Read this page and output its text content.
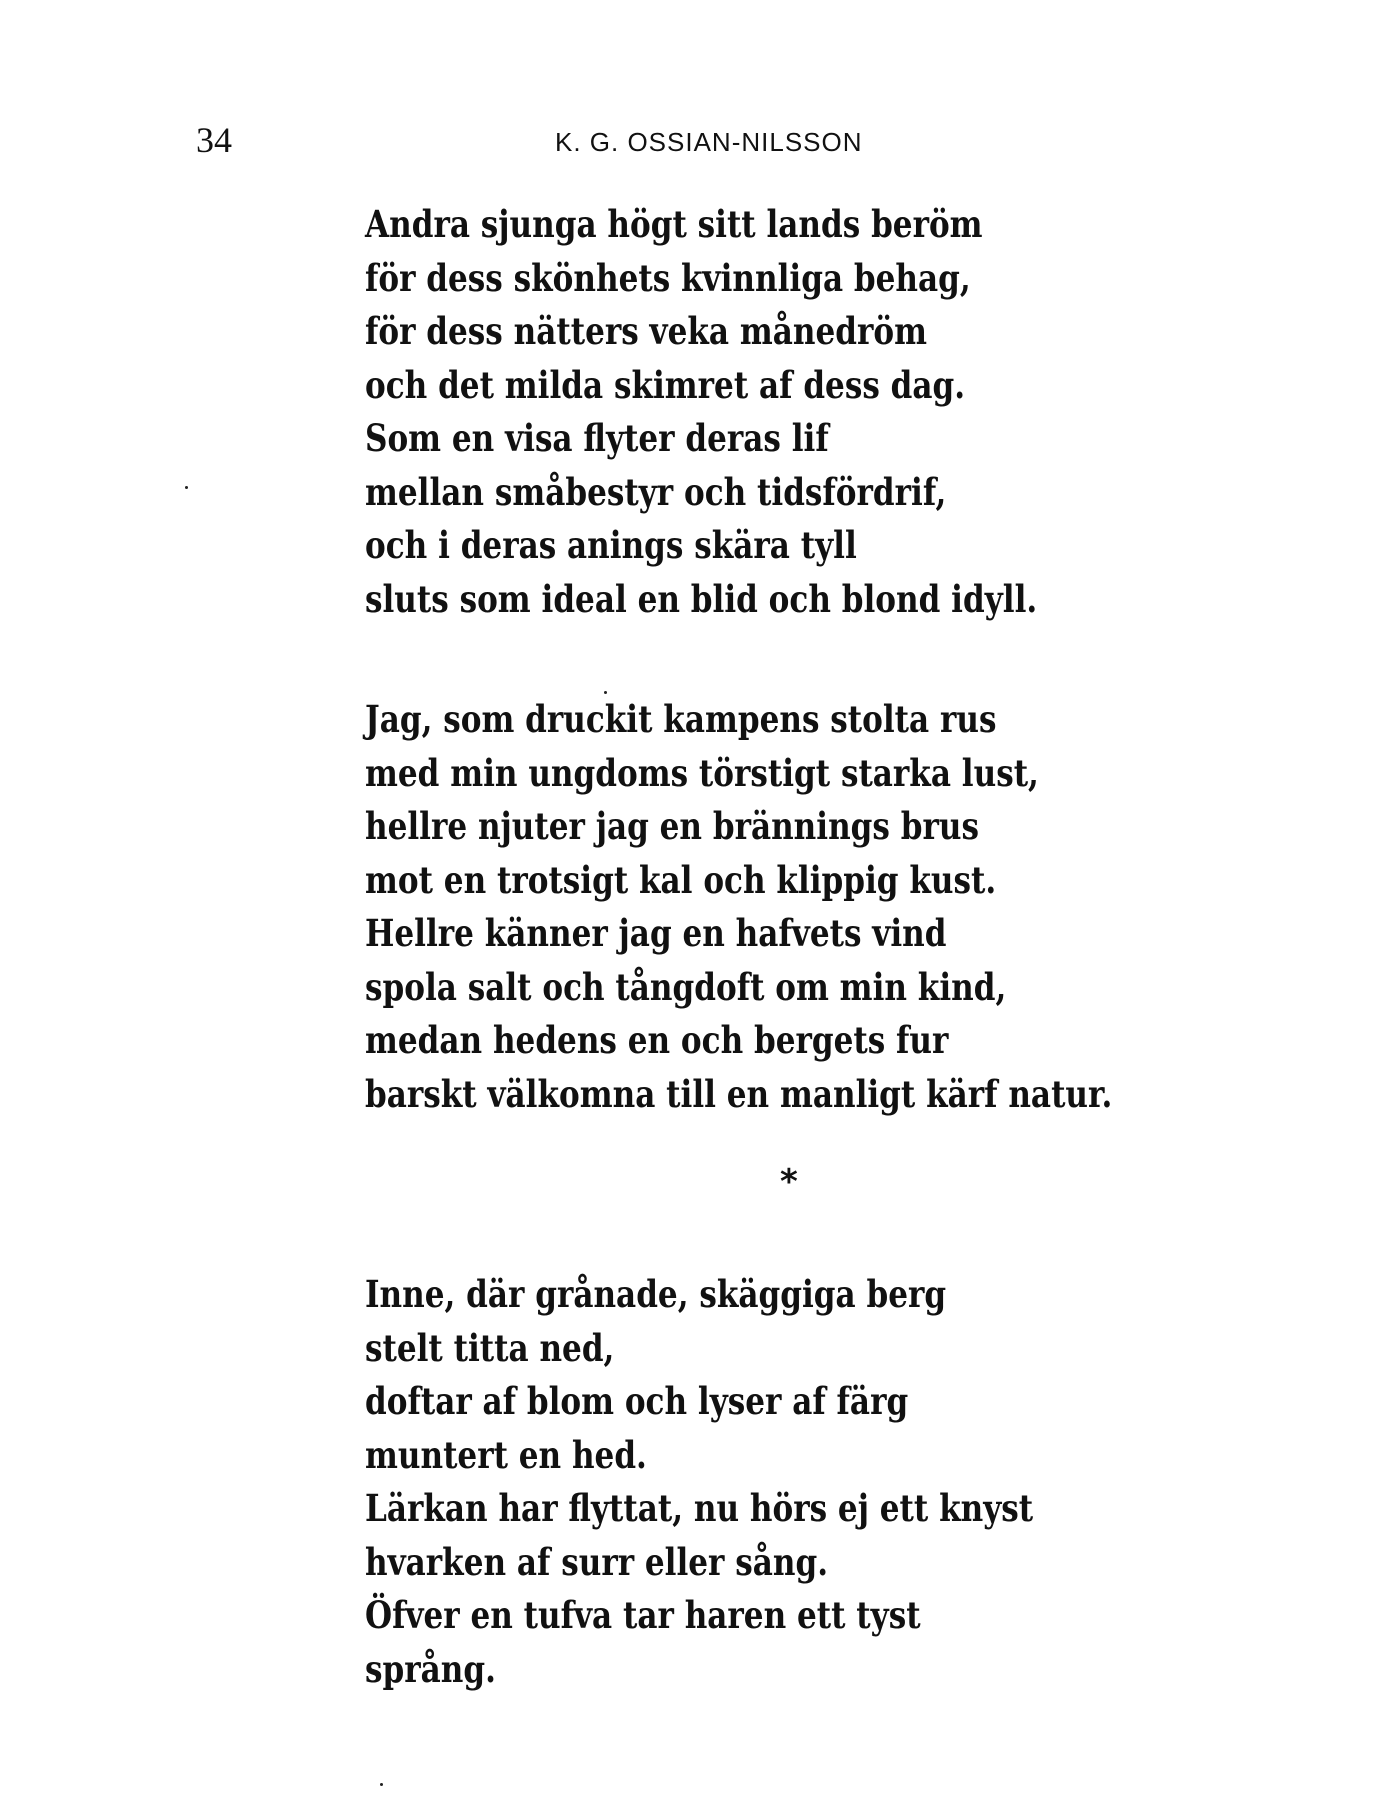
34	K. G. OSSIAN-NILSSON
Andra sjunga högt sitt lands beröm
för dess skönhets kvinnliga behag,
för dess nätters veka månedröm
och det milda skimret af dess dag.
Som en visa flyter deras lif
mellan småbestyr och tidsfördrif,
och i deras anings skära tyll
sluts som ideal en blid och blond idyll.
Jag, som druckit kampens stolta rus
med min ungdoms törstigt starka lust,
hellre njuter jag en brännings brus
mot en trotsigt kal och klippig kust.
Hellre känner jag en hafvets vind
spola salt och tångdoft om min kind,
medan hedens en och bergets fur
barskt välkomna till en manligt kärf natur.
*
Inne, där grånade, skäggiga berg
stelt titta ned,
doftar af blom och lyser af färg
muntert en hed.
Lärkan har flyttat, nu hörs ej ett knyst
hvarken af surr eller sång.
Öfver en tufva tar haren ett tyst
språng.
